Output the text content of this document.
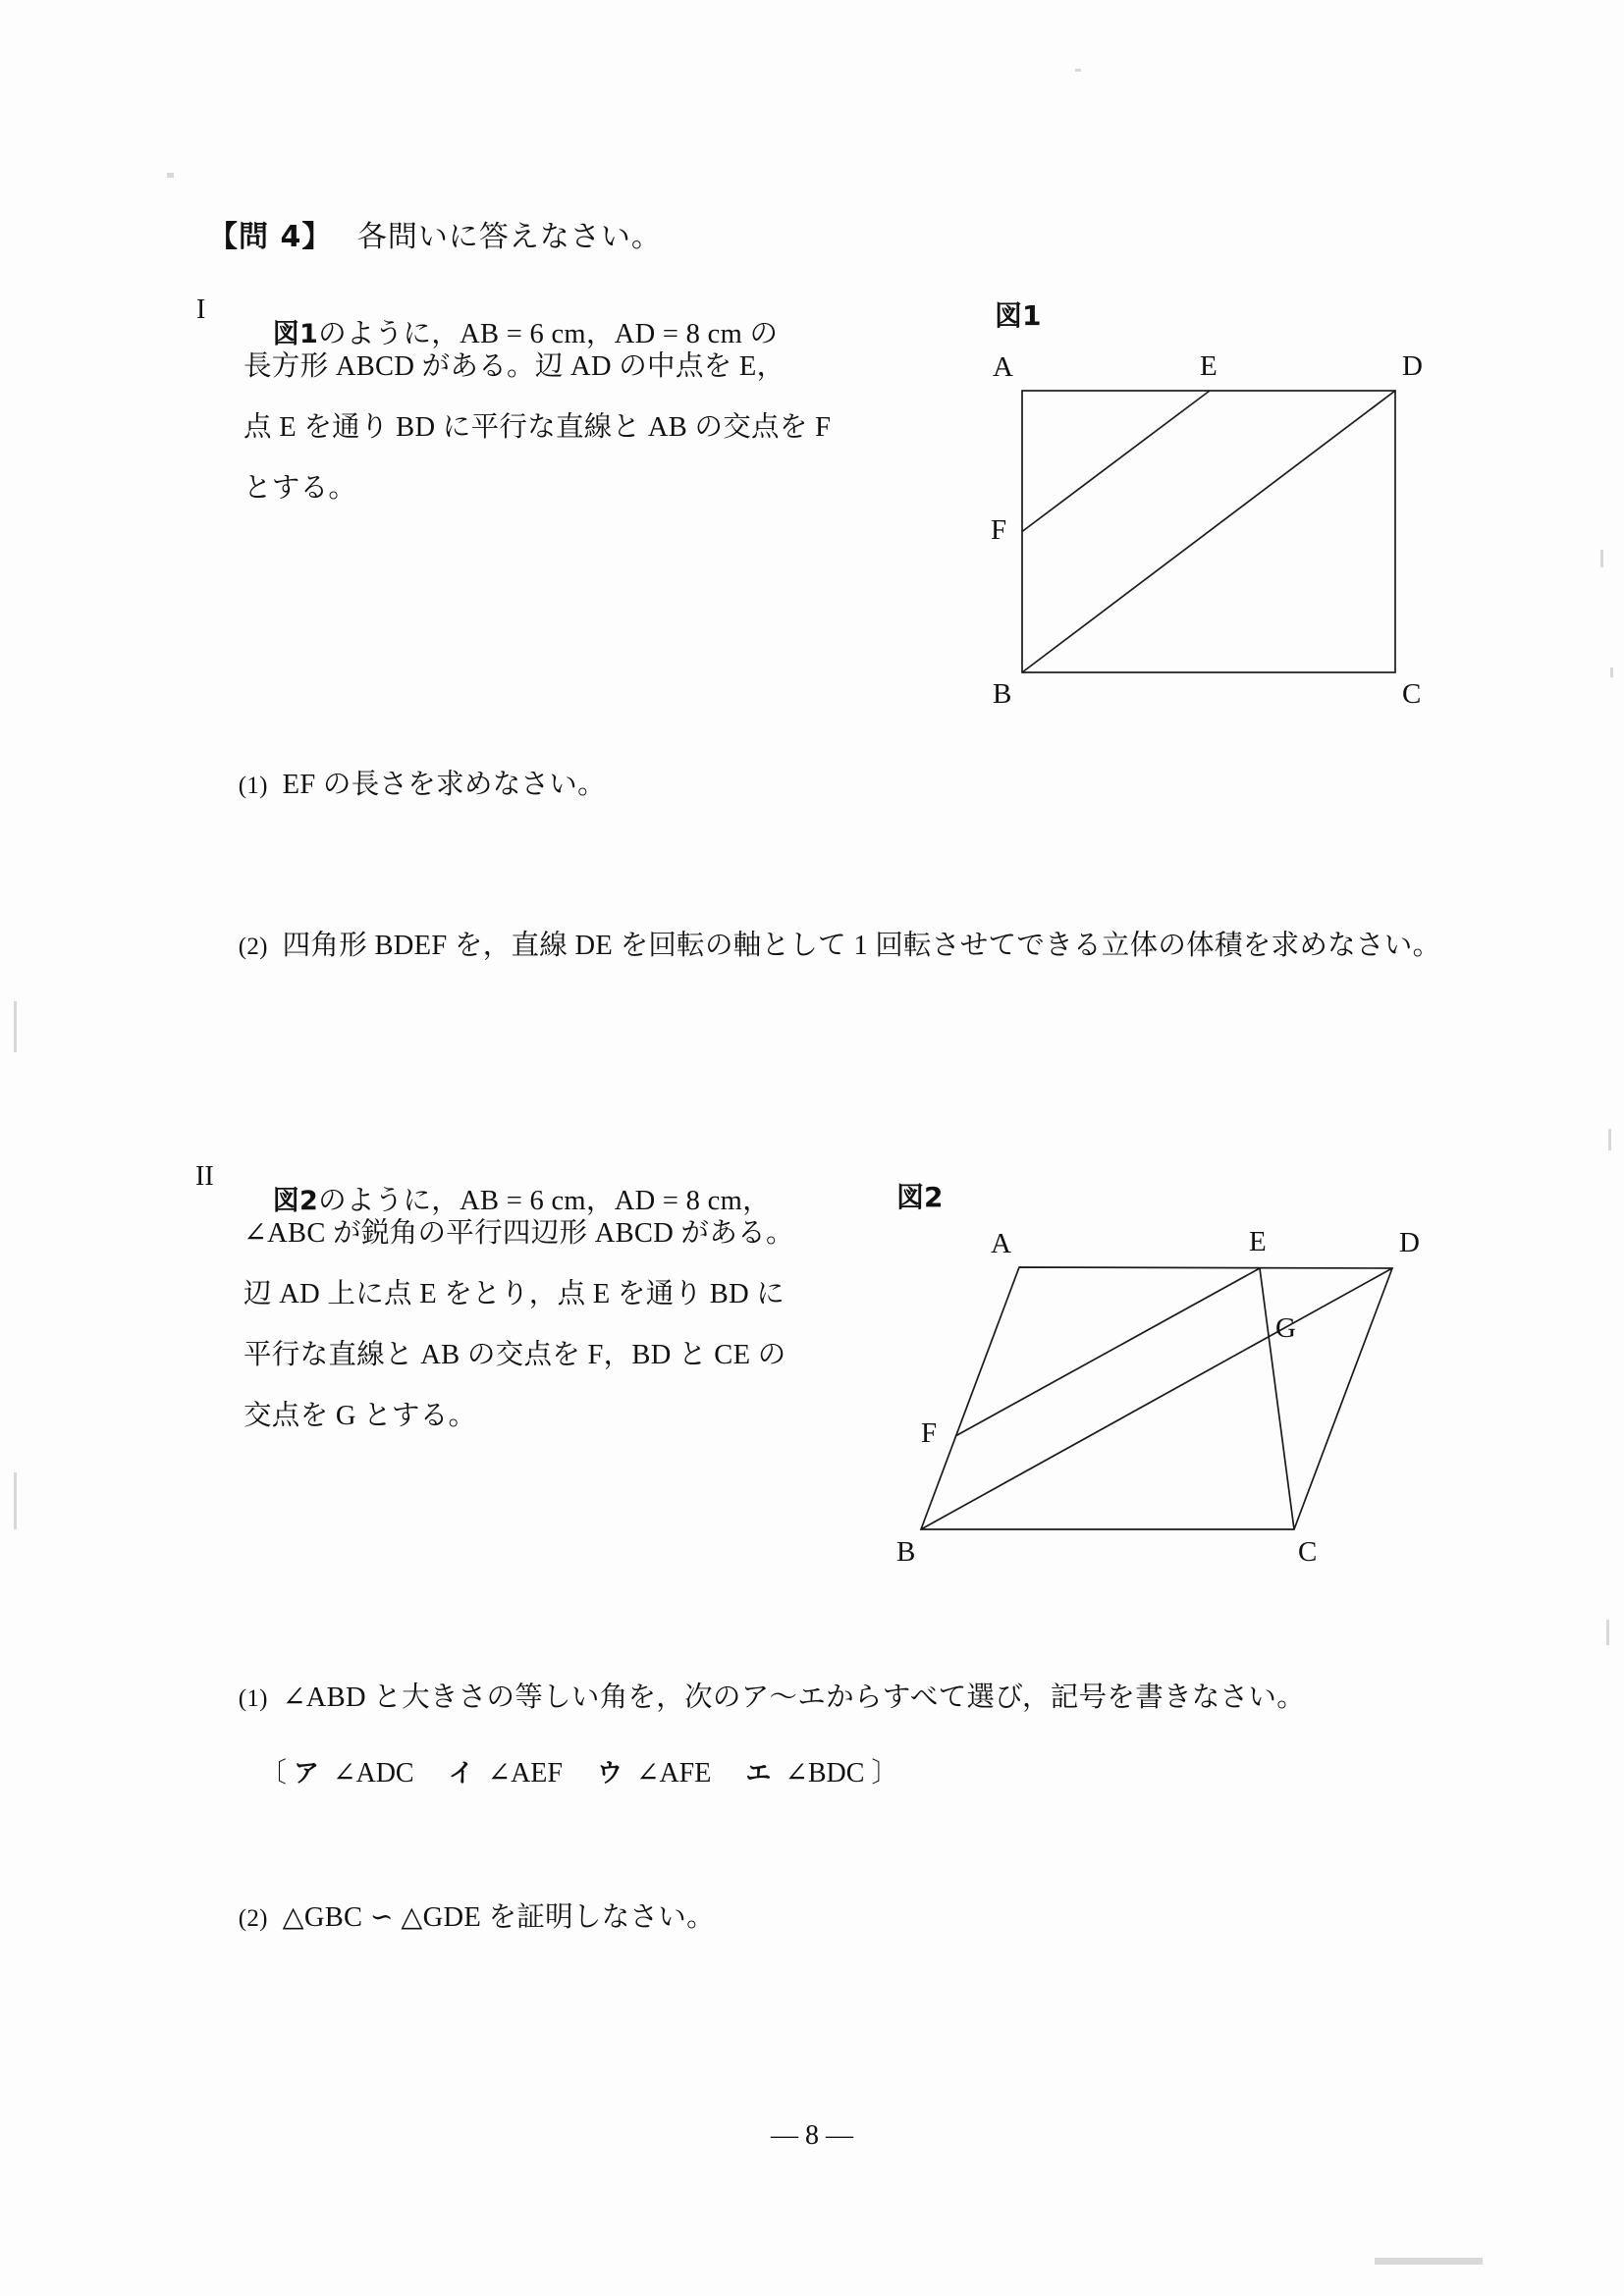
【問 4】 各問いに答えなさい。

I

図1のように，AB = 6 cm，AD = 8 cm の

長方形 ABCD がある。辺 AD の中点を E，
点 E を通り BD に平行な直線と AB の交点を F
とする。
図1
A	E	D
F
B	C

(1) EF の長さを求めなさい。

(2) 四角形 BDEF を，直線 DE を回転の軸として 1 回転させてできる立体の体積を求めなさい。

II

図2のように，AB = 6 cm，AD = 8 cm，

∠ABC が鋭角の平行四辺形 ABCD がある。
辺 AD 上に点 E をとり，点 E を通り BD に
平行な直線と AB の交点を F，BD と CE の
交点を G とする。
図2
A	E	D
G
F
B	C

(1) ∠ABD と大きさの等しい角を，次のア〜エからすべて選び，記号を書きなさい。

〔 ア ∠ADC イ ∠AEF ウ ∠AFE エ ∠BDC 〕

(2) △GBC ∽ △GDE を証明しなさい。

— 8 —
